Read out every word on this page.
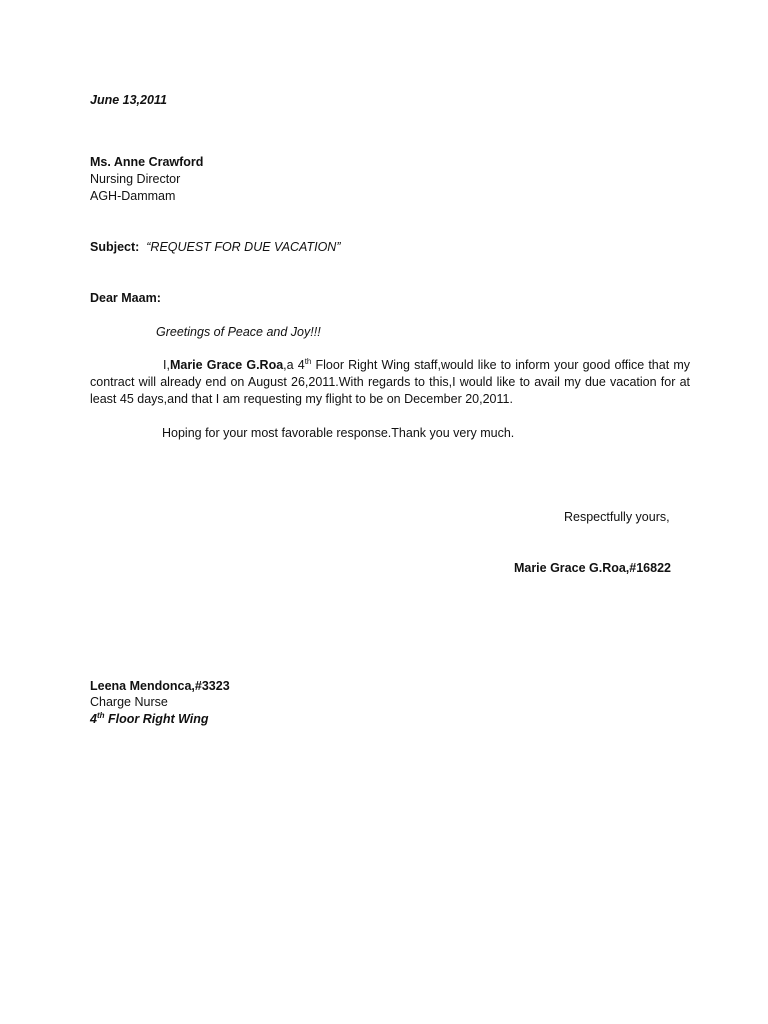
June 13,2011
Ms. Anne Crawford
Nursing Director
AGH-Dammam
Subject: “REQUEST FOR DUE VACATION”
Dear Maam:
Greetings of Peace and Joy!!!
I,Marie Grace G.Roa,a 4th Floor Right Wing staff,would like to inform your good office that my contract will already end on August 26,2011.With regards to this,I would like to avail my due vacation for at least 45 days,and that I am requesting my flight to be on December 20,2011.
Hoping for your most favorable response.Thank you very much.
Respectfully yours,
Marie Grace G.Roa,#16822
Leena Mendonca,#3323
Charge Nurse
4th Floor Right Wing
